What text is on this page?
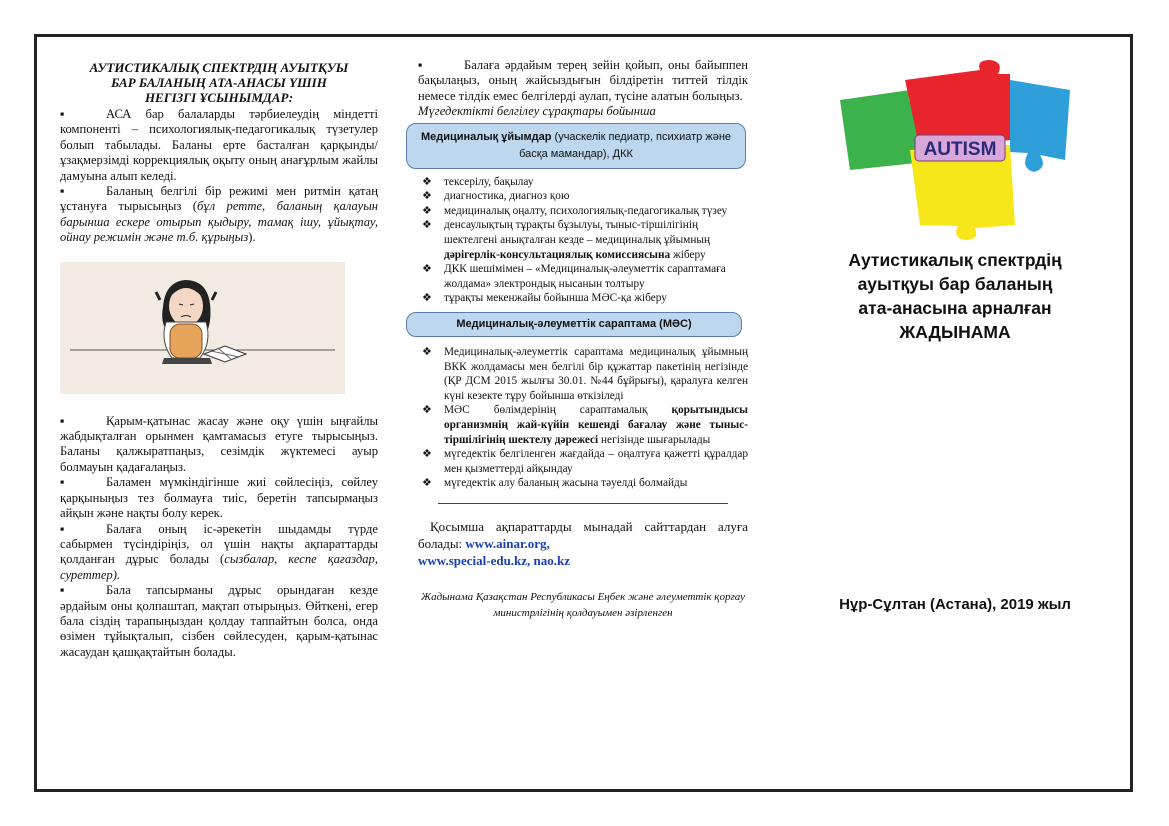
АУТИСТИКАЛЫҚ СПЕКТРДІҢ АУЫТҚУЫ
БАР БАЛАНЫҢ АТА-АНАСЫ ҮШІН
НЕГІЗГІ ҰСЫНЫМДАР:

▪	АСА бар балаларды тәрбиелеудің міндетті компоненті – психологиялық-педагогикалық түзетулер болып табылады. Баланы ерте басталған қарқынды/ ұзақмерзімді коррекциялық оқыту оның анағұрлым жайлы дамуына алып келеді.

▪	Баланың белгілі бір режимі мен ритмін қатаң ұстануға тырысыңыз (бұл ретте, баланың қалауын барынша ескере отырып қыдыру, тамақ ішу, ұйықтау, ойнау режимін және т.б. құрыңыз).

▪	Қарым-қатынас жасау және оқу үшін ыңғайлы жабдықталған орынмен қамтамасыз етуге тырысыңыз. Баланы қалжыратпаңыз, сезімдік жүктемесі ауыр болмауын қадағалаңыз.

▪	Баламен мүмкіндігінше жиі сөйлесіңіз, сөйлеу қарқыныңыз тез болмауға тиіс, беретін тапсырмаңыз айқын және нақты болу керек.

▪	Балаға оның іс-әрекетін шыдамды түрде сабырмен түсіндіріңіз, ол үшін нақты ақпараттарды қолданған дұрыс болады (сызбалар, кеспе қағаздар, суреттер).

▪	Бала тапсырманы дұрыс орындаған кезде әрдайым оны қолпаштап, мақтап отырыңыз. Өйткені, егер бала сіздің тарапыңыздан қолдау таппайтын болса, онда өзімен тұйықталып, сізбен сөйлесуден, қарым-қатынас жасаудан қашқақтайтын болады.

▪	Балаға әрдайым терең зейін қойып, оны байыппен бақылаңыз, оның жайсыздығын білдіретін титтей тілдік немесе тілдік емес белгілерді аулап, түсіне алатын болыңыз.

Мүгедектікті белгілеу сұрақтары бойынша

Медициналық ұйымдар (учаскелік педиатр, психиатр және басқа мамандар), ДКК
❖ тексерілу, бақылау
❖ диагностика, диагноз қою
❖ медициналық оңалту, психологиялық-педагогикалық түзеу
❖ денсаулықтың тұрақты бұзылуы, тыныс-тіршілігінің шектелгені анықталған кезде – медициналық ұйымның дәрігерлік-консультациялық комиссиясына жіберу
❖ ДКК шешімімен – «Медициналық-әлеуметтік сараптамаға жолдама» электрондық нысанын толтыру
❖ тұрақты мекенжайы бойынша МӘС-қа жіберу
Медициналық-әлеуметтік сараптама (МӘС)
❖ Медициналық-әлеуметтік сараптама медициналық ұйымның ВКК жолдамасы мен белгілі бір құжаттар пакетінің негізінде (ҚР ДСМ 2015 жылғы 30.01. №44 бұйрығы), қаралуға келген күні кезекте тұру бойынша өткізіледі
❖ МӘС бөлімдерінің сараптамалық қорытындысы организмнің жай-күйін кешенді бағалау және тыныс-тіршілігінің шектелу дәрежесі негізінде шығарылады
❖ мүгедектік белгіленген жағдайда – оңалтуға қажетті құралдар мен қызметтерді айқындау
❖ мүгедектік алу баланың жасына тәуелді болмайды

Қосымша ақпараттарды мынадай сайттардан алуға болады: www.ainar.org,
www.special-edu.kz, nao.kz

Жадынама Қазақстан Республикасы Еңбек және әлеуметтік қорғау министрлігінің қолдауымен әзірленген
AUTISM
Аутистикалық спектрдің
ауытқуы бар баланың
ата-анасына арналған
ЖАДЫНАМА
Нұр-Сұлтан (Астана), 2019 жыл
